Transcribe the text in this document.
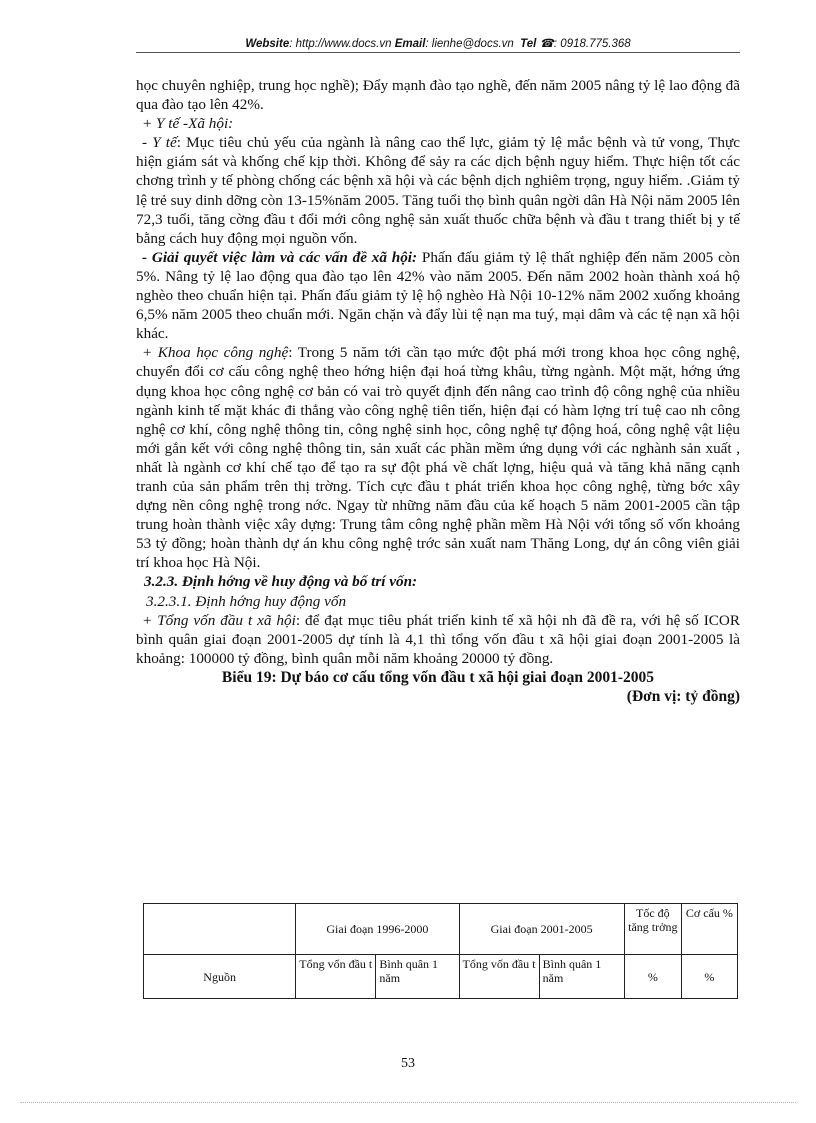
Website: http://www.docs.vn Email: lienhe@docs.vn Tel ☎: 0918.775.368

học chuyên nghiệp, trung học nghề); Đẩy mạnh đào tạo nghề, đến năm 2005 nâng tỷ lệ lao động đã qua đào tạo lên 42%.

+ Y tế -Xã hội:

- Y tế: Mục tiêu chủ yếu của ngành là nâng cao thể lực, giảm tỷ lệ mắc bệnh và tử vong, Thực hiện giám sát và khống chế kịp thời. Không để sảy ra các dịch bệnh nguy hiểm. Thực hiện tốt các chơng trình y tế phòng chống các bệnh xã hội và các bệnh dịch nghiêm trọng, nguy hiểm. .Giảm tỷ lệ trẻ suy dinh dỡng còn 13-15%năm 2005. Tăng tuổi thọ bình quân ngời dân Hà Nội năm 2005 lên 72,3 tuổi, tăng cờng đầu t đổi mới công nghệ sản xuất thuốc chữa bệnh và đầu t trang thiết bị y tế bằng cách huy động mọi nguồn vốn.

- Giải quyết việc làm và các vấn đề xã hội: Phấn đấu giảm tỷ lệ thất nghiệp đến năm 2005 còn 5%. Nâng tỷ lệ lao động qua đào tạo lên 42% vào năm 2005. Đến năm 2002 hoàn thành xoá hộ nghèo theo chuẩn hiện tại. Phấn đấu giảm tỷ lệ hộ nghèo Hà Nội 10-12% năm 2002 xuống khoảng 6,5% năm 2005 theo chuẩn mới. Ngăn chặn và đẩy lùi tệ nạn ma tuý, mại dâm và các tệ nạn xã hội khác.

+ Khoa học công nghệ: Trong 5 năm tới cần tạo mức đột phá mới trong khoa học công nghệ, chuyển đổi cơ cấu công nghệ theo hớng hiện đại hoá từng khâu, từng ngành. Một mặt, hớng ứng dụng khoa học công nghệ cơ bản có vai trò quyết định đến nâng cao trình độ công nghệ của nhiều ngành kinh tế mặt khác đi thẳng vào công nghệ tiên tiến, hiện đại có hàm lợng trí tuệ cao nh công nghệ cơ khí, công nghệ thông tin, công nghệ sinh học, công nghệ tự động hoá, công nghệ vật liệu mới gắn kết với công nghệ thông tin, sản xuất các phần mềm ứng dụng với các nghành sản xuất , nhất là ngành cơ khí chế tạo để tạo ra sự đột phá về chất lợng, hiệu quả và tăng khả năng cạnh tranh của sản phẩm trên thị trờng. Tích cực đầu t phát triển khoa học công nghệ, từng bớc xây dựng nền công nghệ trong nớc. Ngay từ những năm đầu của kế hoạch 5 năm 2001-2005 cần tập trung hoàn thành việc xây dựng: Trung tâm công nghệ phần mềm Hà Nội với tổng số vốn khoảng 53 tỷ đồng; hoàn thành dự án khu công nghệ trớc sản xuất nam Thăng Long, dự án công viên giải trí khoa học Hà Nội.

3.2.3. Định hớng về huy động và bố trí vốn:

3.2.3.1. Định hớng huy động vốn

+ Tổng vốn đầu t xã hội: để đạt mục tiêu phát triển kinh tế xã hội nh đã đề ra, với hệ số ICOR bình quân giai đoạn 2001-2005 dự tính là 4,1 thì tổng vốn đầu t xã hội giai đoạn 2001-2005 là khoảng: 100000 tỷ đồng, bình quân mỗi năm khoảng 20000 tỷ đồng.

Biểu 19: Dự báo cơ cấu tổng vốn đầu t xã hội giai đoạn 2001-2005

(Đơn vị: tỷ đồng)

	Giai đoạn 1996-2000		Giai đoạn 2001-2005		Tốc độ tăng trởng	Cơ cấu %
Nguồn	Tổng vốn đầu t	Bình quân 1 năm	Tổng vốn đầu t	Bình quân 1 năm	%	%
53
